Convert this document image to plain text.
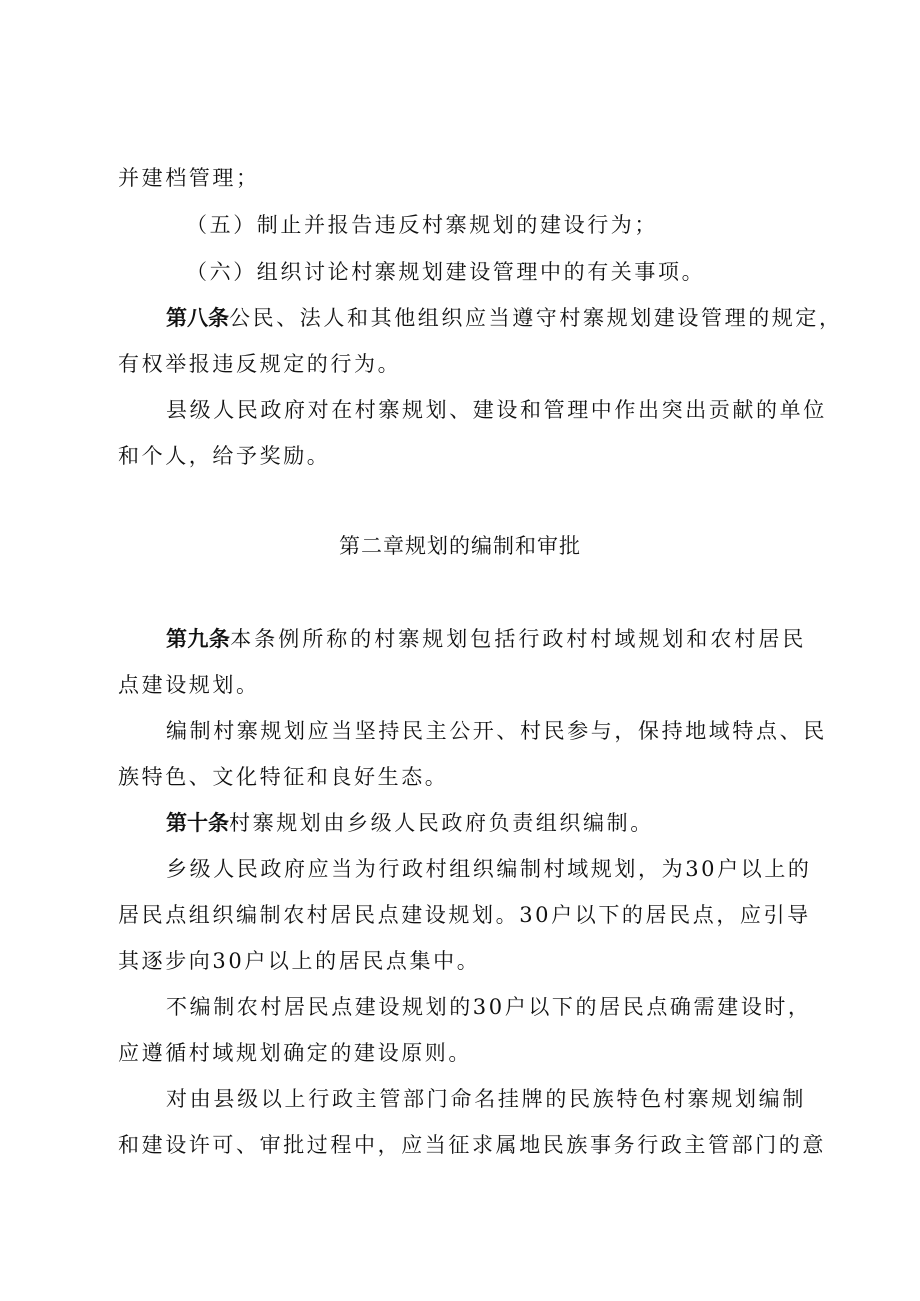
并建档管理；
（五）制止并报告违反村寨规划的建设行为；
（六）组织讨论村寨规划建设管理中的有关事项。
第八条公民、法人和其他组织应当遵守村寨规划建设管理的规定，
有权举报违反规定的行为。
县级人民政府对在村寨规划、建设和管理中作出突出贡献的单位
和个人，给予奖励。
第二章规划的编制和审批
第九条本条例所称的村寨规划包括行政村村域规划和农村居民
点建设规划。
编制村寨规划应当坚持民主公开、村民参与，保持地域特点、民
族特色、文化特征和良好生态。
第十条村寨规划由乡级人民政府负责组织编制。
乡级人民政府应当为行政村组织编制村域规划，为30户以上的
居民点组织编制农村居民点建设规划。30户以下的居民点，应引导
其逐步向30户以上的居民点集中。
不编制农村居民点建设规划的30户以下的居民点确需建设时，
应遵循村域规划确定的建设原则。
对由县级以上行政主管部门命名挂牌的民族特色村寨规划编制
和建设许可、审批过程中，应当征求属地民族事务行政主管部门的意
